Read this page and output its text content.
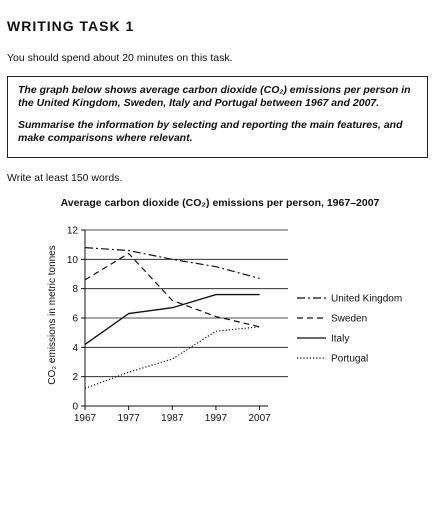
WRITING TASK 1
You should spend about 20 minutes on this task.

The graph below shows average carbon dioxide (CO₂) emissions per person in the United Kingdom, Sweden, Italy and Portugal between 1967 and 2007.

Summarise the information by selecting and reporting the main features, and make comparisons where relevant.

Write at least 150 words.
Average carbon dioxide (CO₂) emissions per person, 1967–2007
0
2
4
6
8
10
12
1967 1977 1987 1997 2007
United Kingdom
Sweden
Italy
Portugal
CO₂ emissions in metric tonnes
